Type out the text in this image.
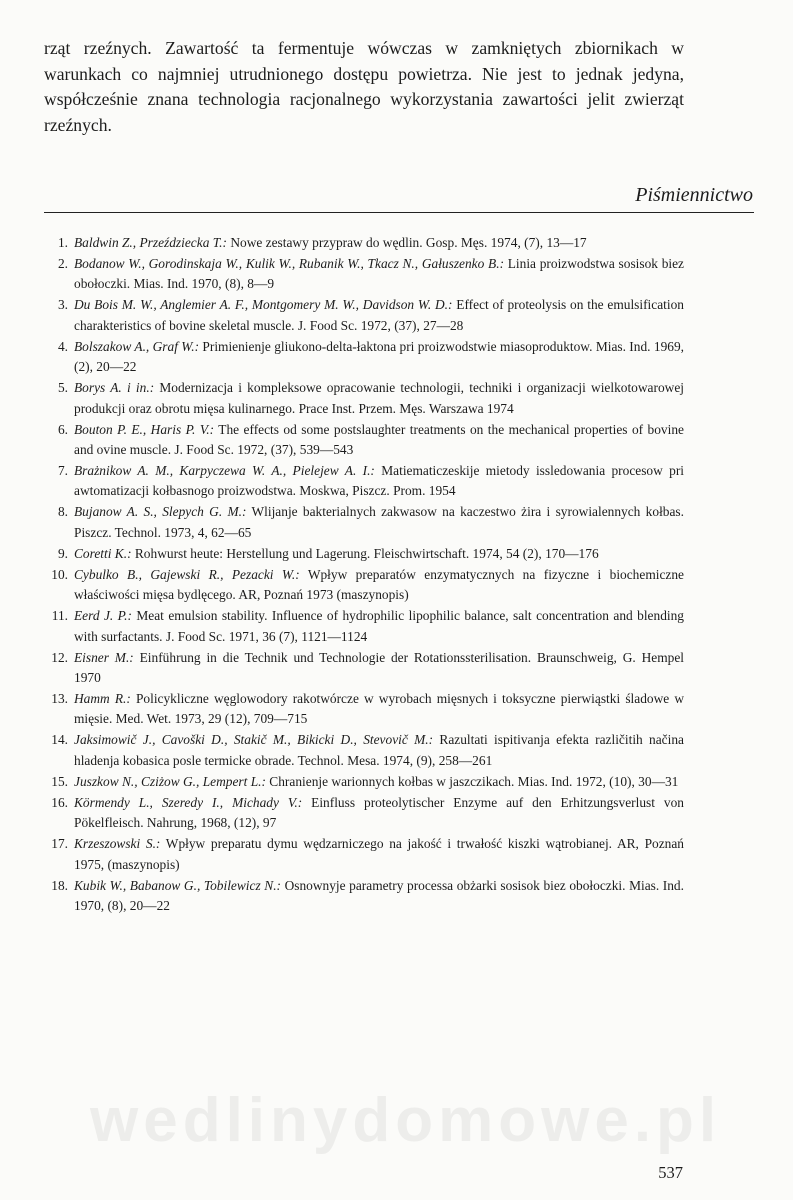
rząt rzeźnych. Zawartość ta fermentuje wówczas w zamkniętych zbiornikach w warunkach co najmniej utrudnionego dostępu powietrza. Nie jest to jednak jedyna, współcześnie znana technologia racjonalnego wykorzystania zawartości jelit zwierząt rzeźnych.

Piśmiennictwo
1. Baldwin Z., Przeździecka T.: Nowe zestawy przypraw do wędlin. Gosp. Męs. 1974, (7), 13—17
2. Bodanow W., Gorodinskaja W., Kulik W., Rubanik W., Tkacz N., Gałuszenko B.: Linia proizwodstwa sosisok biez obołoczki. Mias. Ind. 1970, (8), 8—9
3. Du Bois M. W., Anglemier A. F., Montgomery M. W., Davidson W. D.: Effect of proteolysis on the emulsification charakteristics of bovine skeletal muscle. J. Food Sc. 1972, (37), 27—28
4. Bolszakow A., Graf W.: Primienienje gliukono-delta-łaktona pri proizwodstwie miasoproduktow. Mias. Ind. 1969, (2), 20—22
5. Borys A. i in.: Modernizacja i kompleksowe opracowanie technologii, techniki i organizacji wielkotowarowej produkcji oraz obrotu mięsa kulinarnego. Prace Inst. Przem. Męs. Warszawa 1974
6. Bouton P. E., Haris P. V.: The effects od some postslaughter treatments on the mechanical properties of bovine and ovine muscle. J. Food Sc. 1972, (37), 539—543
7. Brażnikow A. M., Karpyczewa W. A., Pielejew A. I.: Matiematiczeskije mietody issledowania procesow pri awtomatizacji kołbasnogo proizwodstwa. Moskwa, Piszcz. Prom. 1954
8. Bujanow A. S., Slepych G. M.: Wlijanje bakterialnych zakwasow na kaczestwo żira i syrowialennych kołbas. Piszcz. Technol. 1973, 4, 62—65
9. Coretti K.: Rohwurst heute: Herstellung und Lagerung. Fleischwirtschaft. 1974, 54 (2), 170—176
10. Cybulko B., Gajewski R., Pezacki W.: Wpływ preparatów enzymatycznych na fizyczne i biochemiczne właściwości mięsa bydlęcego. AR, Poznań 1973 (maszynopis)
11. Eerd J. P.: Meat emulsion stability. Influence of hydrophilic lipophilic balance, salt concentration and blending with surfactants. J. Food Sc. 1971, 36 (7), 1121—1124
12. Eisner M.: Einführung in die Technik und Technologie der Rotationssterilisation. Braunschweig, G. Hempel 1970
13. Hamm R.: Policykliczne węglowodory rakotwórcze w wyrobach mięsnych i toksyczne pierwiąstki śladowe w mięsie. Med. Wet. 1973, 29 (12), 709—715
14. Jaksimowič J., Cavoški D., Stakič M., Bikicki D., Stevovič M.: Razultati ispitivanja efekta različitih načina hladenja kobasica posle termicke obrade. Technol. Mesa. 1974, (9), 258—261
15. Juszkow N., Cziżow G., Lempert L.: Chranienje warionnych kołbas w jaszczikach. Mias. Ind. 1972, (10), 30—31
16. Körmendy L., Szeredy I., Michady V.: Einfluss proteolytischer Enzyme auf den Erhitzungsverlust von Pökelfleisch. Nahrung, 1968, (12), 97
17. Krzeszowski S.: Wpływ preparatu dymu wędzarniczego na jakość i trwałość kiszki wątrobianej. AR, Poznań 1975, (maszynopis)
18. Kubik W., Babanow G., Tobilewicz N.: Osnownyje parametry processa obżarki sosisok biez obołoczki. Mias. Ind. 1970, (8), 20—22
wedlinydomowe.pl
537
